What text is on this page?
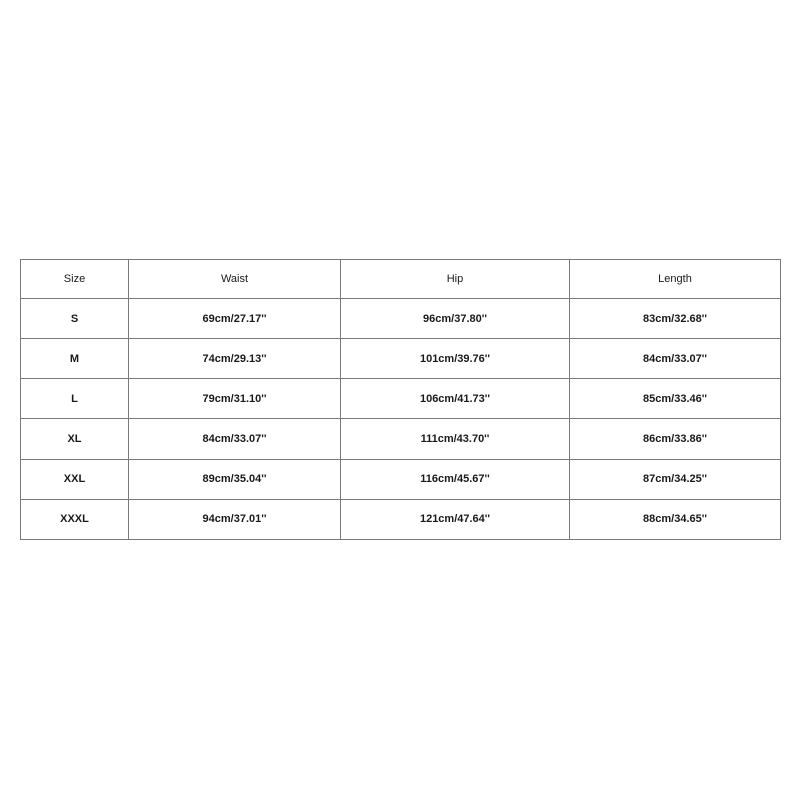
Size	Waist	Hip	Length
S	69cm/27.17''	96cm/37.80''	83cm/32.68''
M	74cm/29.13''	101cm/39.76''	84cm/33.07''
L	79cm/31.10''	106cm/41.73''	85cm/33.46''
XL	84cm/33.07''	111cm/43.70''	86cm/33.86''
XXL	89cm/35.04''	116cm/45.67''	87cm/34.25''
XXXL	94cm/37.01''	121cm/47.64''	88cm/34.65''
